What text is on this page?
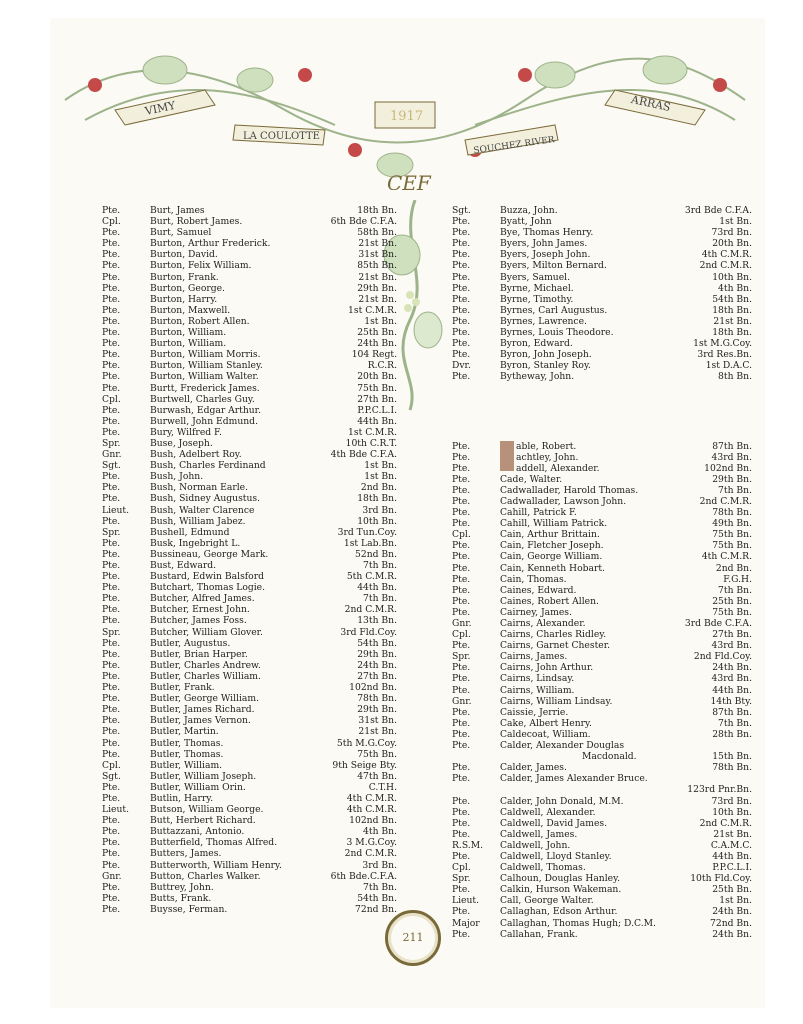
VIMY
LA COULOTTE
1917
SOUCHEZ RIVER
ARRAS
CEF
Pte.	Burt, James	18th Bn.
Cpl.	Burt, Robert James.	6th Bde C.F.A.
Pte.	Burt, Samuel	58th Bn.
Pte.	Burton, Arthur Frederick.	21st Bn.
Pte.	Burton, David.	31st Bn.
Pte.	Burton, Felix William.	85th Bn.
Pte.	Burton, Frank.	21st Bn.
Pte.	Burton, George.	29th Bn.
Pte.	Burton, Harry.	21st Bn.
Pte.	Burton, Maxwell.	1st C.M.R.
Pte.	Burton, Robert Allen.	1st Bn.
Pte.	Burton, William.	25th Bn.
Pte.	Burton, William.	24th Bn.
Pte.	Burton, William Morris.	104 Regt.
Pte.	Burton, William Stanley.	R.C.R.
Pte.	Burton, William Walter.	20th Bn.
Pte.	Burtt, Frederick James.	75th Bn.
Cpl.	Burtwell, Charles Guy.	27th Bn.
Pte.	Burwash, Edgar Arthur.	P.P.C.L.I.
Pte.	Burwell, John Edmund.	44th Bn.
Pte.	Bury, Wilfred F.	1st C.M.R.
Spr.	Buse, Joseph.	10th C.R.T.
Gnr.	Bush, Adelbert Roy.	4th Bde C.F.A.
Sgt.	Bush, Charles Ferdinand	1st Bn.
Pte.	Bush, John.	1st Bn.
Pte.	Bush, Norman Earle.	2nd Bn.
Pte.	Bush, Sidney Augustus.	18th Bn.
Lieut.	Bush, Walter Clarence	3rd Bn.
Pte.	Bush, William Jabez.	10th Bn.
Spr.	Bushell, Edmund	3rd Tun.Coy.
Pte.	Busk, Ingebright L.	1st Lab.Bn.
Pte.	Bussineau, George Mark.	52nd Bn.
Pte.	Bust, Edward.	7th Bn.
Pte.	Bustard, Edwin Balsford	5th C.M.R.
Pte.	Butchart, Thomas Logie.	44th Bn.
Pte.	Butcher, Alfred James.	7th Bn.
Pte.	Butcher, Ernest John.	2nd C.M.R.
Pte.	Butcher, James Foss.	13th Bn.
Spr.	Butcher, William Glover.	3rd Fld.Coy.
Pte.	Butler, Augustus.	54th Bn.
Pte.	Butler, Brian Harper.	29th Bn.
Pte.	Butler, Charles Andrew.	24th Bn.
Pte.	Butler, Charles William.	27th Bn.
Pte.	Butler, Frank.	102nd Bn.
Pte.	Butler, George William.	78th Bn.
Pte.	Butler, James Richard.	29th Bn.
Pte.	Butler, James Vernon.	31st Bn.
Pte.	Butler, Martin.	21st Bn.
Pte.	Butler, Thomas.	5th M.G.Coy.
Pte.	Butler, Thomas.	75th Bn.
Cpl.	Butler, William.	9th Seige Bty.
Sgt.	Butler, William Joseph.	47th Bn.
Pte.	Butler, William Orin.	C.T.H.
Pte.	Butlin, Harry.	4th C.M.R.
Lieut.	Butson, William George.	4th C.M.R.
Pte.	Butt, Herbert Richard.	102nd Bn.
Pte.	Buttazzani, Antonio.	4th Bn.
Pte.	Butterfield, Thomas Alfred.	3 M.G.Coy.
Pte.	Butters, James.	2nd C.M.R.
Pte.	Butterworth, William Henry.	3rd Bn.
Gnr.	Button, Charles Walker.	6th Bde.C.F.A.
Pte.	Buttrey, John.	7th Bn.
Pte.	Butts, Frank.	54th Bn.
Pte.	Buysse, Ferman.	72nd Bn.
Sgt.	Buzza, John.	3rd Bde C.F.A.
Pte.	Byatt, John	1st Bn.
Pte.	Bye, Thomas Henry.	73rd Bn.
Pte.	Byers, John James.	20th Bn.
Pte.	Byers, Joseph John.	4th C.M.R.
Pte.	Byers, Milton Bernard.	2nd C.M.R.
Pte.	Byers, Samuel.	10th Bn.
Pte.	Byrne, Michael.	4th Bn.
Pte.	Byrne, Timothy.	54th Bn.
Pte.	Byrnes, Carl Augustus.	18th Bn.
Pte.	Byrnes, Lawrence.	21st Bn.
Pte.	Byrnes, Louis Theodore.	18th Bn.
Pte.	Byron, Edward.	1st M.G.Coy.
Pte.	Byron, John Joseph.	3rd Res.Bn.
Dvr.	Byron, Stanley Roy.	1st D.A.C.
Pte.	Bytheway, John.	8th Bn.
Pte.	able, Robert.	87th Bn.
Pte.	achtley, John.	43rd Bn.
Pte.	addell, Alexander.	102nd Bn.
Pte.	Cade, Walter.	29th Bn.
Pte.	Cadwallader, Harold Thomas.	7th Bn.
Pte.	Cadwallader, Lawson John.	2nd C.M.R.
Pte.	Cahill, Patrick F.	78th Bn.
Pte.	Cahill, William Patrick.	49th Bn.
Cpl.	Cain, Arthur Brittain.	75th Bn.
Pte.	Cain, Fletcher Joseph.	75th Bn.
Pte.	Cain, George William.	4th C.M.R.
Pte.	Cain, Kenneth Hobart.	2nd Bn.
Pte.	Cain, Thomas.	F.G.H.
Pte.	Caines, Edward.	7th Bn.
Pte.	Caines, Robert Allen.	25th Bn.
Pte.	Cairney, James.	75th Bn.
Gnr.	Cairns, Alexander.	3rd Bde C.F.A.
Cpl.	Cairns, Charles Ridley.	27th Bn.
Pte.	Cairns, Garnet Chester.	43rd Bn.
Spr.	Cairns, James.	2nd Fld.Coy.
Pte.	Cairns, John Arthur.	24th Bn.
Pte.	Cairns, Lindsay.	43rd Bn.
Pte.	Cairns, William.	44th Bn.
Gnr.	Cairns, William Lindsay.	14th Bty.
Pte.	Caissie, Jerrie.	87th Bn.
Pte.	Cake, Albert Henry.	7th Bn.
Pte.	Caldecoat, William.	28th Bn.
Pte.	Calder, Alexander Douglas
Macdonald.	15th Bn.
Pte.	Calder, James.	78th Bn.
Pte.	Calder, James Alexander Bruce.
123rd Pnr.Bn.
Pte.	Calder, John Donald, M.M.	73rd Bn.
Pte.	Caldwell, Alexander.	10th Bn.
Pte.	Caldwell, David James.	2nd C.M.R.
Pte.	Caldwell, James.	21st Bn.
R.S.M.	Caldwell, John.	C.A.M.C.
Pte.	Caldwell, Lloyd Stanley.	44th Bn.
Cpl.	Caldwell, Thomas.	P.P.C.L.I.
Spr.	Calhoun, Douglas Hanley.	10th Fld.Coy.
Pte.	Calkin, Hurson Wakeman.	25th Bn.
Lieut.	Call, George Walter.	1st Bn.
Pte.	Callaghan, Edson Arthur.	24th Bn.
Major	Callaghan, Thomas Hugh; D.C.M.	72nd Bn.
Pte.	Callahan, Frank.	24th Bn.
211
